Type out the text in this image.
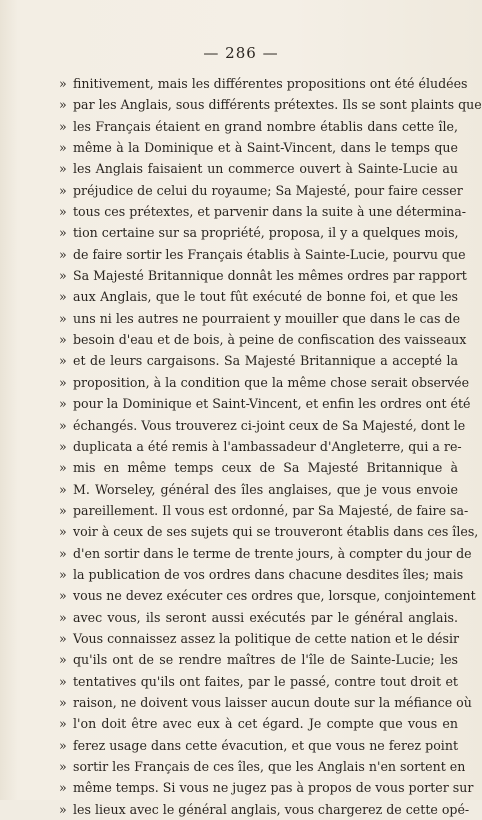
— 286 —
»
»
»
»
»
»
»
»
»
»
»
»
»
»
»
»
»
»
»
»
»
»
»
»
»
»
»
»
»
»
»
»
»
»
»
finitivement, mais les différentes propositions ont été éludées
par les Anglais, sous différents prétextes. Ils se sont plaints que
les Français étaient en grand nombre établis dans cette île,
même à la Dominique et à Saint-Vincent, dans le temps que
les Anglais faisaient un commerce ouvert à Sainte-Lucie au
préjudice de celui du royaume; Sa Majesté, pour faire cesser
tous ces prétextes, et parvenir dans la suite à une détermina-
tion certaine sur sa propriété, proposa, il y a quelques mois,
de faire sortir les Français établis à Sainte-Lucie, pourvu que
Sa Majesté Britannique donnât les mêmes ordres par rapport
aux Anglais, que le tout fût exécuté de bonne foi, et que les
uns ni les autres ne pourraient y mouiller que dans le cas de
besoin d'eau et de bois, à peine de confiscation des vaisseaux
et de leurs cargaisons. Sa Majesté Britannique a accepté la
proposition, à la condition que la même chose serait observée
pour la Dominique et Saint-Vincent, et enfin les ordres ont été
échangés. Vous trouverez ci-joint ceux de Sa Majesté, dont le
duplicata a été remis à l'ambassadeur d'Angleterre, qui a re-
mis en même temps ceux de Sa Majesté Britannique à
M. Worseley, général des îles anglaises, que je vous envoie
pareillement. Il vous est ordonné, par Sa Majesté, de faire sa-
voir à ceux de ses sujets qui se trouveront établis dans ces îles,
d'en sortir dans le terme de trente jours, à compter du jour de
la publication de vos ordres dans chacune desdites îles; mais
vous ne devez exécuter ces ordres que, lorsque, conjointement
avec vous, ils seront aussi exécutés par le général anglais.
Vous connaissez assez la politique de cette nation et le désir
qu'ils ont de se rendre maîtres de l'île de Sainte-Lucie; les
tentatives qu'ils ont faites, par le passé, contre tout droit et
raison, ne doivent vous laisser aucun doute sur la méfiance où
l'on doit être avec eux à cet égard. Je compte que vous en
ferez usage dans cette évacution, et que vous ne ferez point
sortir les Français de ces îles, que les Anglais n'en sortent en
même temps. Si vous ne jugez pas à propos de vous porter sur
les lieux avec le général anglais, vous chargerez de cette opé-
